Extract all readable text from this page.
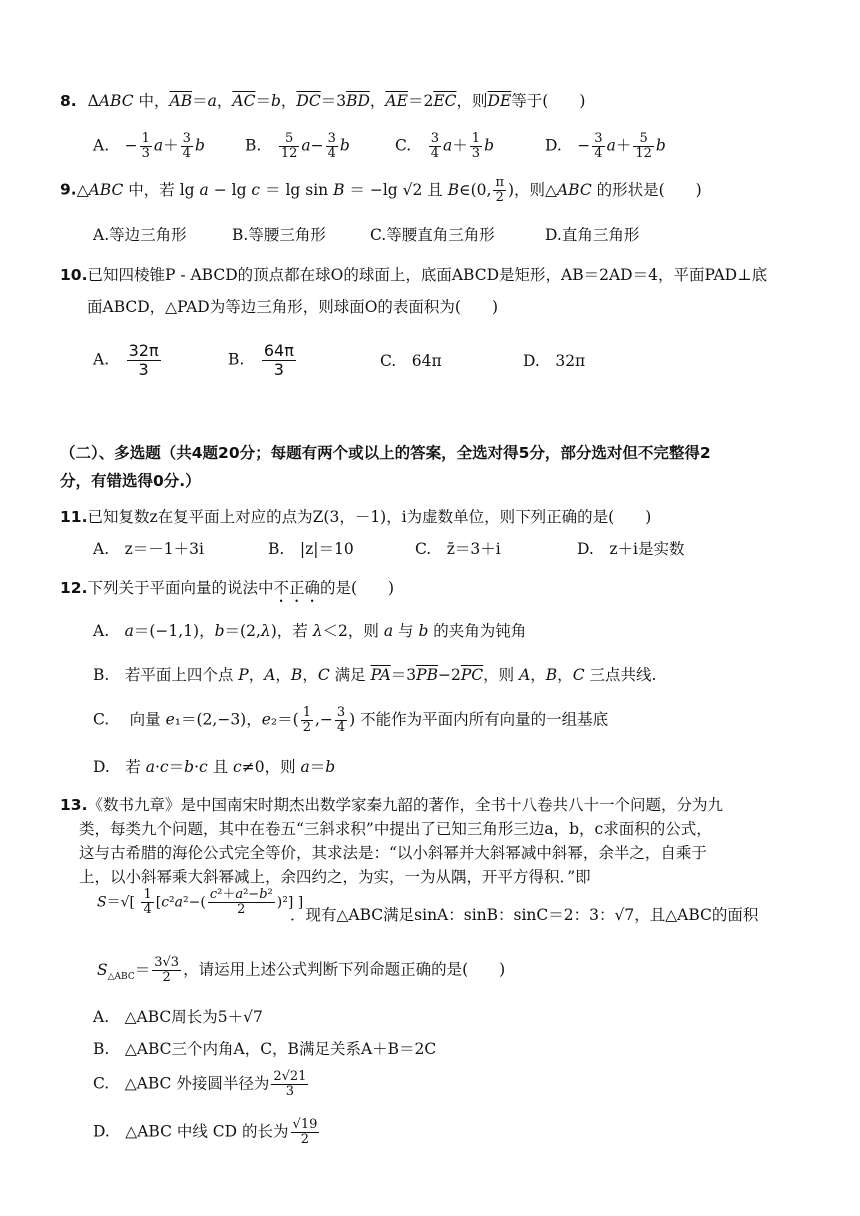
8. ΔABC 中，$\overline{AB}=a$，$\overline{AC}=b$，$\overline{DC}=3\overline{BD}$，$\overline{AE}=2\overline{EC}$，则$\overline{DE}$等于(　　)
A.　− $\frac{1}{3} a+ \frac{3}{4}$ b	B.　 $\frac{5}{12} a- \frac{3}{4}$ b	C.　 $\frac{3}{4} a+ \frac{1}{3}$ b	D.　− $\frac{3}{4} a+ \frac{5}{12}$ b
9.△ABC 中，若 lg a − lg c ＝ lg sin B ＝ −lg √2 且 B∈(0, $\frac{\pi}{2}$ )，则△ABC 的形状是(　　)
A.等边三角形	B.等腰三角形	C.等腰直角三角形	D.直角三角形
10.已知四棱锥P - ABCD的顶点都在球O的球面上，底面ABCD是矩形，AB＝2AD＝4，平面PAD⊥底
面ABCD，△PAD为等边三角形，则球面O的表面积为(　　)
A.　 $\frac{32\pi}{3}$	B.　 $\frac{64\pi}{3}$	C.　 64π	D.　 32π
（二）、多选题（共4题20分；每题有两个或以上的答案，全选对得5分，部分选对但不完整得2
分，有错选得0分.）
11.已知复数z在复平面上对应的点为Z(3，－1)，i为虚数单位，则下列正确的是(　　)
A.　 z＝－1＋3i	B.　 |z|＝10	C.　 z̄＝3＋i	D.　 z＋i是实数
12.下列关于平面向量的说法中不正确的是(　　)
A.　a＝(−1,1)，b＝(2,λ)，若 λ＜2，则 a 与 b 的夹角为钝角
B.　若平面上四个点 P，A，B，C 满足 $\overline{PA}=3\overline{PB}-2\overline{PC}$，则 A，B，C 三点共线.
C.　 向量 e₁＝(2,−3)，$e_2=( \frac{1}{2}$ ,− $\frac{3}{4}$ ) 不能作为平面内所有向量的一组基底
D.　若 a·c＝b·c 且 c≠0，则 a＝b
13.《数书九章》是中国南宋时期杰出数学家秦九韶的著作，全书十八卷共八十一个问题，分为九
类，每类九个问题，其中在卷五“三斜求积”中提出了已知三角形三边a，b，c求面积的公式，
这与古希腊的海伦公式完全等价，其求法是：“以小斜幂并大斜幂减中斜幂，余半之，自乘于
上，以小斜幂乘大斜幂减上，余四约之，为实，一为从隅，开平方得积．”即
$S=√[ \frac{1}{4} [c^2a^2-( \frac{\text{c²＋a²−b²}}{2} )^2]$ ]
．现有△ABC满足sinA：sinB：sinC＝2：3：√7，且△ABC的面积
$S_{\triangle ABC}= \frac{3√3}{2}$ ，请运用上述公式判断下列命题正确的是(　　)
A.　 △ABC周长为5＋√7
B.　 △ABC三个内角A，C，B满足关系A＋B＝2C
C.　△ABC 外接圆半径为 $\frac{2√21}{3}$
D.　△ABC 中线 CD 的长为 $\frac{√19}{2}$
